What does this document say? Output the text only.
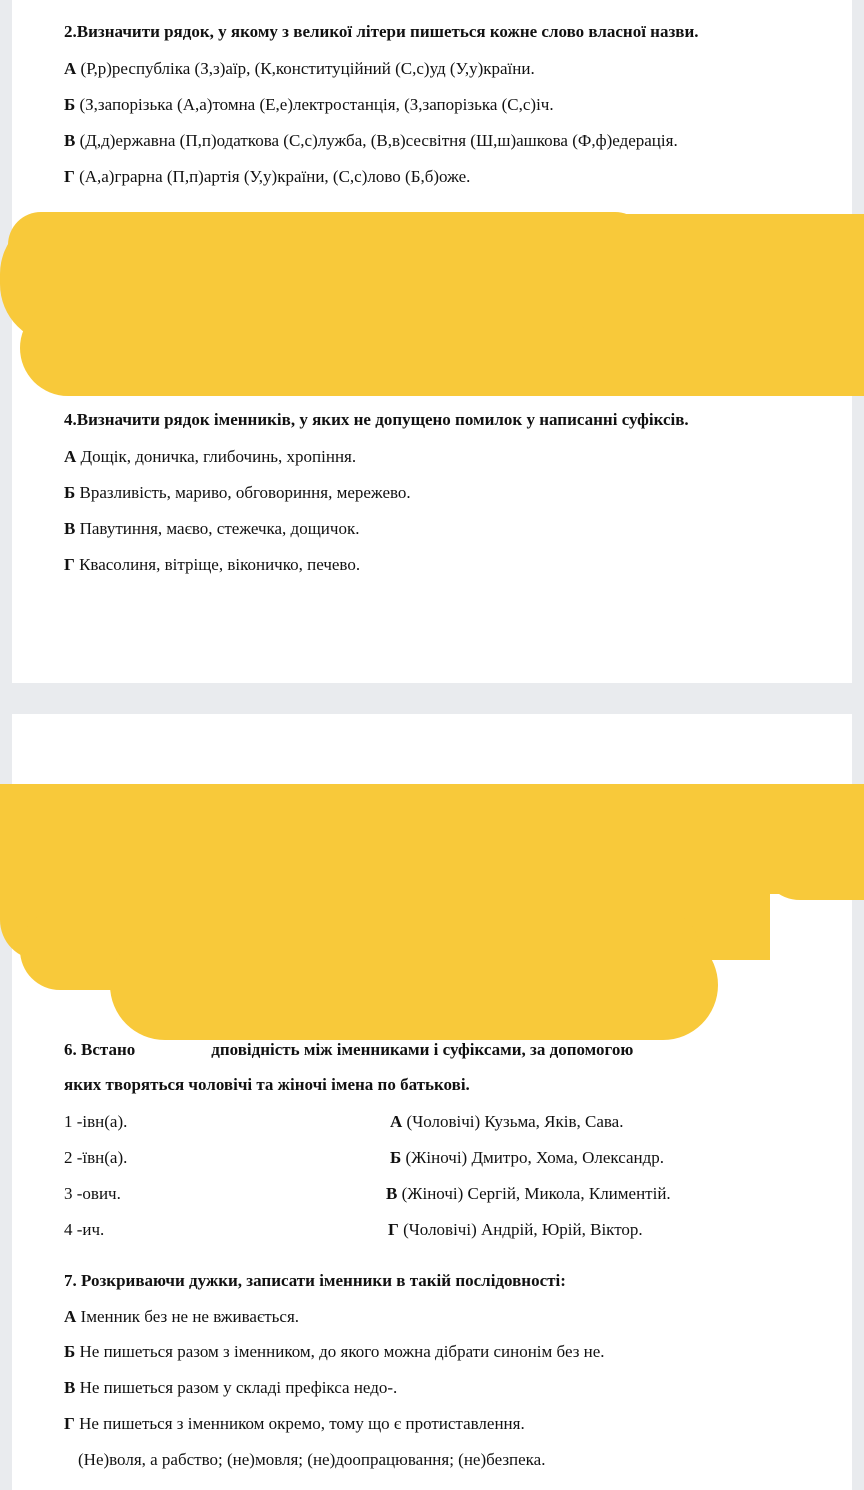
2.Визначити рядок, у якому з великої літери пишеться кожне слово власної назви.
А (Р,р)республіка (З,з)аїр, (К,конституційний (С,с)уд (У,у)країни.
Б (З,запорізька (А,а)томна (Е,е)лектростанція, (З,запорізька (С,с)іч.
В (Д,д)ержавна (П,п)одаткова (С,с)лужба, (В,в)сесвітня (Ш,ш)ашкова (Ф,ф)едерація.
Г (А,а)грарна (П,п)артія (У,у)країни, (С,с)лово (Б,б)оже.
4.Визначити рядок іменників, у яких не допущено помилок у написанні суфіксів.
А Дощік, доничка, глибочинь, хропіння.
Б Вразливість, мариво, обговориння, мережево.
В Павутиння, маєво, стежечка, дощичок.
Г Квасолиня, вітріще, віконичко, печево.
6. Встано	дповідність між іменниками і суфіксами, за допомогою
яких творяться чоловічі та жіночі імена по батькові.
1 -івн(а).
2 -ївн(а).
3 -ович.
4 -ич.
А (Чоловічі) Кузьма, Яків, Сава.
Б (Жіночі) Дмитро, Хома, Олександр.
В (Жіночі) Сергій, Микола, Климентій.
Г (Чоловічі) Андрій, Юрій, Віктор.
7. Розкриваючи дужки, записати іменники в такій послідовності:
А Іменник без не не вживається.
Б Не пишеться разом з іменником, до якого можна дібрати синонім без не.
В Не пишеться разом у складі префікса недо-.
Г Не пишеться з іменником окремо, тому що є протиставлення.
(Не)воля, а рабство; (не)мовля; (не)доопрацювання; (не)безпека.
